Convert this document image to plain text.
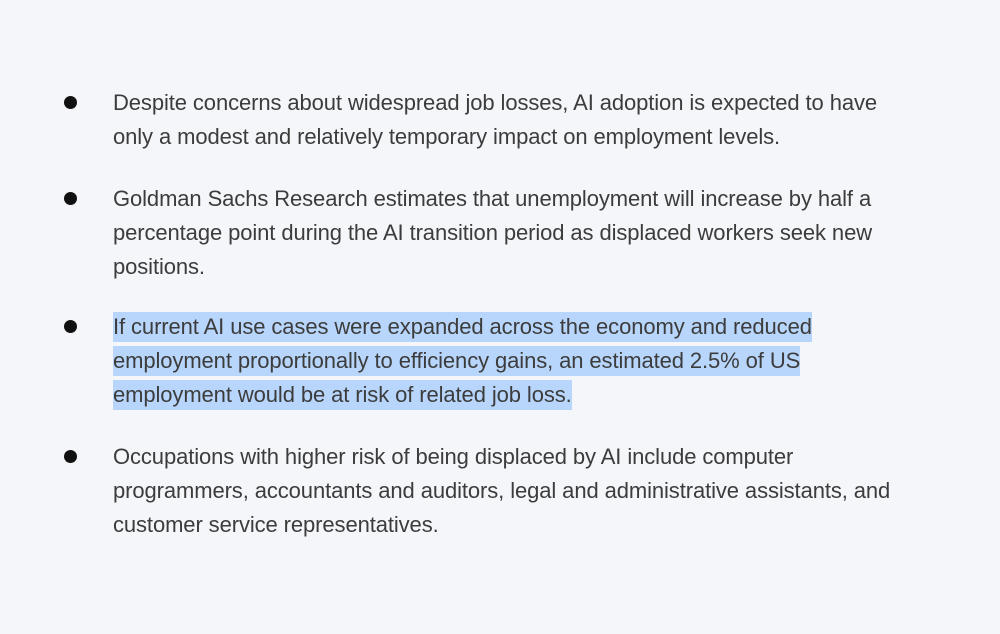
Despite concerns about widespread job losses, AI adoption is expected to have
only a modest and relatively temporary impact on employment levels.
Goldman Sachs Research estimates that unemployment will increase by half a
percentage point during the AI transition period as displaced workers seek new
positions.
If current AI use cases were expanded across the economy and reduced
employment proportionally to efficiency gains, an estimated 2.5% of US
employment would be at risk of related job loss.
Occupations with higher risk of being displaced by AI include computer
programmers, accountants and auditors, legal and administrative assistants, and
customer service representatives.
